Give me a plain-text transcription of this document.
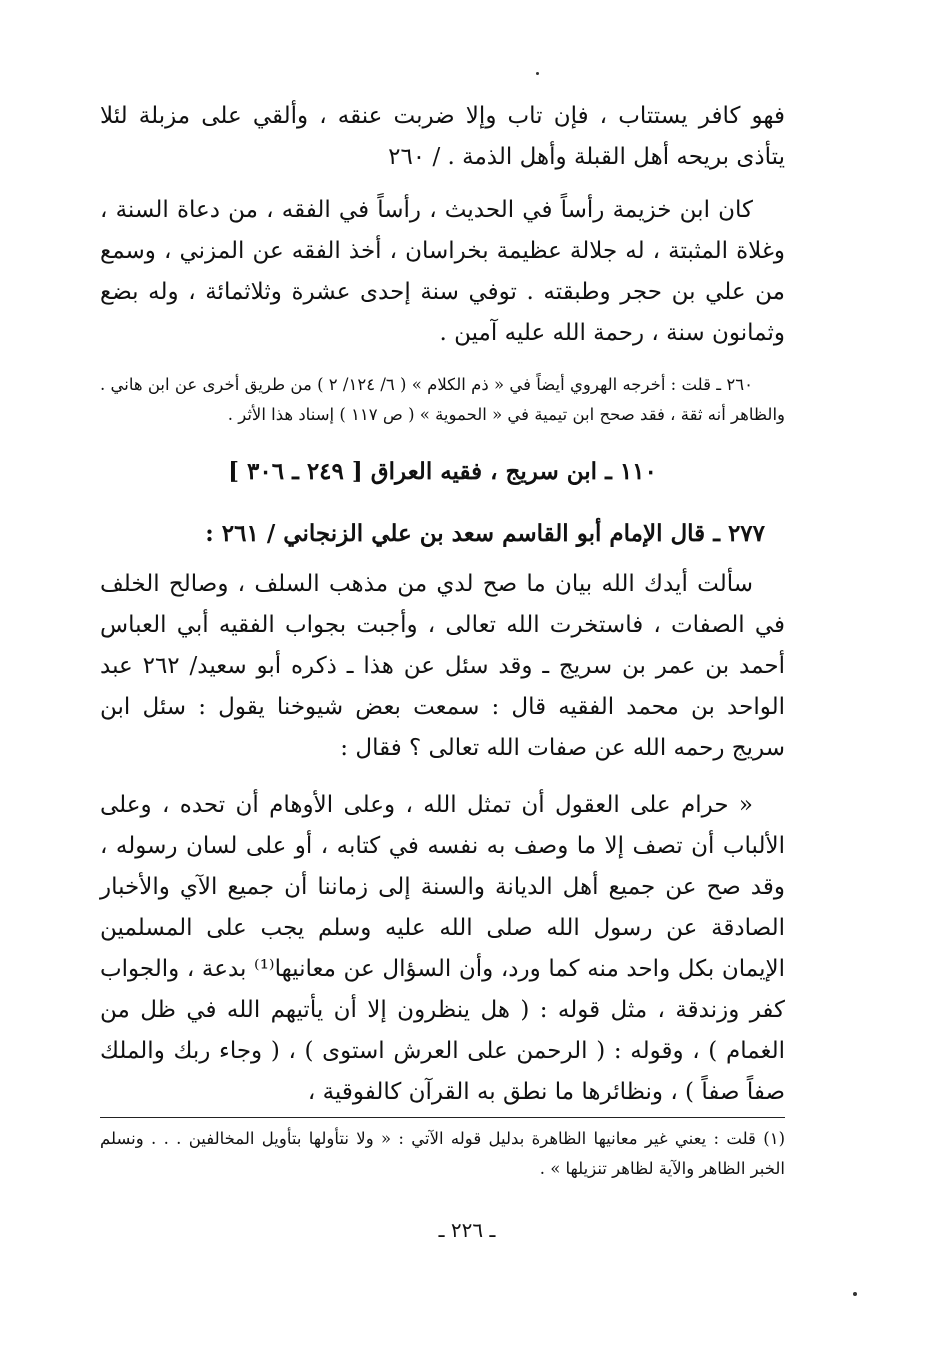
فهو كافر يستتاب ، فإن تاب وإلا ضربت عنقه ، وألقي على مزبلة لئلا يتأذى بريحه أهل القبلة وأهل الذمة . / ٢٦٠

كان ابن خزيمة رأساً في الحديث ، رأساً في الفقه ، من دعاة السنة ، وغلاة المثبتة ، له جلالة عظيمة بخراسان ، أخذ الفقه عن المزني ، وسمع من علي بن حجر وطبقته . توفي سنة إحدى عشرة وثلاثمائة ، وله بضع وثمانون سنة ، رحمة الله عليه آمين .

٢٦٠ ـ قلت : أخرجه الهروي أيضاً في « ذم الكلام » ( ٦/ ١٢٤/ ٢ ) من طريق أخرى عن ابن هاني . والظاهر أنه ثقة ، فقد صحح ابن تيمية في « الحموية » ( ص ١١٧ ) إسناد هذا الأثر .

١١٠ ـ ابن سريج ، فقيه العراق [ ٢٤٩ ـ ٣٠٦ ]
٢٧٧ ـ قال الإمام أبو القاسم سعد بن علي الزنجاني / ٢٦١ :

سألت أيدك الله بيان ما صح لدي من مذهب السلف ، وصالح الخلف في الصفات ، فاستخرت الله تعالى ، وأجبت بجواب الفقيه أبي العباس أحمد بن عمر بن سريج ـ وقد سئل عن هذا ـ ذكره أبو سعيد/ ٢٦٢ عبد الواحد بن محمد الفقيه قال : سمعت بعض شيوخنا يقول : سئل ابن سريج رحمه الله عن صفات الله تعالى ؟ فقال :

« حرام على العقول أن تمثل الله ، وعلى الأوهام أن تحده ، وعلى الألباب أن تصف إلا ما وصف به نفسه في كتابه ، أو على لسان رسوله ، وقد صح عن جميع أهل الديانة والسنة إلى زماننا أن جميع الآي والأخبار الصادقة عن رسول الله صلى الله عليه وسلم يجب على المسلمين الإيمان بكل واحد منه كما ورد، وأن السؤال عن معانيها⁽¹⁾ بدعة ، والجواب كفر وزندقة ، مثل قوله : ( هل ينظرون إلا أن يأتيهم الله في ظل من الغمام ) ، وقوله : ( الرحمن على العرش استوى ) ، ( وجاء ربك والملك صفاً صفاً ) ، ونظائرها ما نطق به القرآن كالفوقية ،

(١) قلت : يعني غير معانيها الظاهرة بدليل قوله الآتي : « ولا نتأولها بتأويل المخالفين . . . ونسلم الخبر الظاهر والآية لظاهر تنزيلها » .

ـ ٢٢٦ ـ
